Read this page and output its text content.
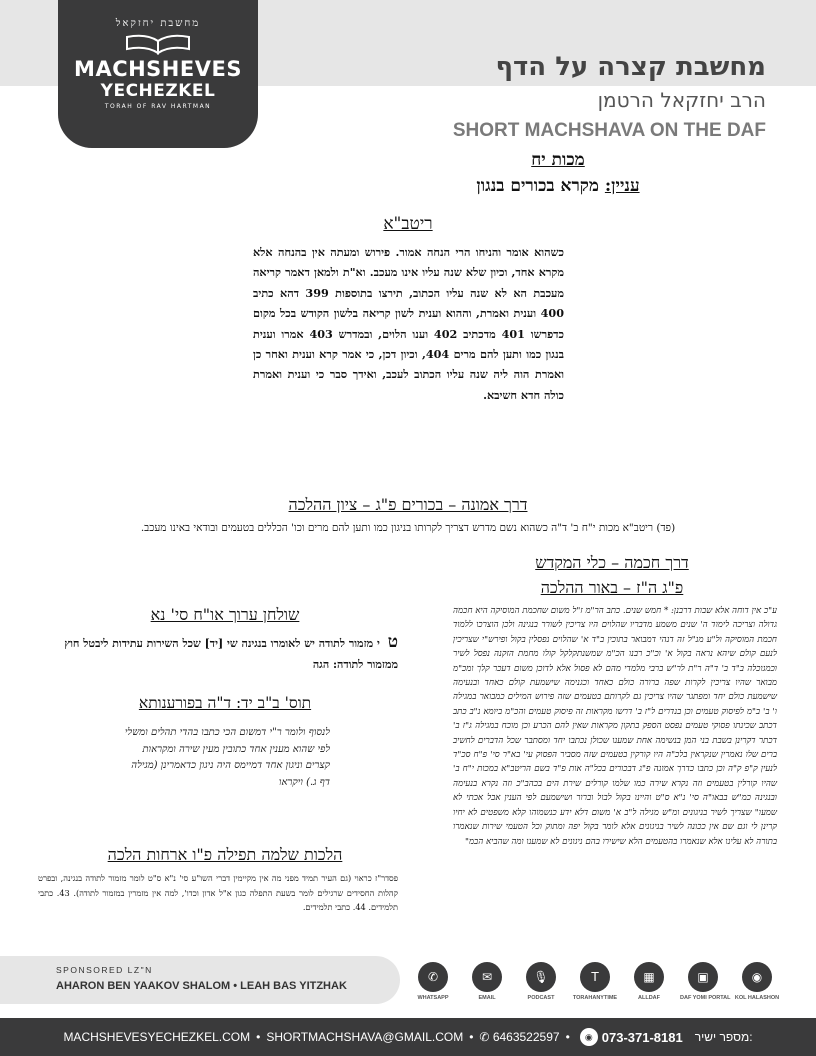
מחשבת יחזקאל
MACHSHEVES
YECHEZKEL
TORAH OF RAV HARTMAN
מחשבת קצרה על הדף
הרב יחזקאל הרטמן
SHORT MACHSHAVA ON THE DAF
מכות יח
עניין: מקרא בכורים בנגון
ריטב"א
כשהוא אומר והניחו הרי הנחה אמור. פירוש ומעתה אין בהנחה אלא מקרא אחד, וכיון שלא שנה עליו אינו מעכב. וא"ת ולמאן דאמר קריאה מעכבת הא לא שנה עליו הכתוב, תירצו בתוספות 399 דהא כתיב 400 וענית ואמרת, וההוא וענית לשון קריאה בלשון הקודש בכל מקום כדפרשו 401 מדכתיב 402 וענו הלוים, ובמדרש 403 אמרו וענית בנגון כמו ותען להם מרים 404, וכיון דכן, כי אמר קרא וענית ואחר כן ואמרת הוה ליה שנה עליו הכתוב לעכב, ואידך סבר כי וענית ואמרת כולה חדא חשיבא.
דרך אמונה – בכורים פ"ג – ציון ההלכה
(פד) ריטב"א מכות י"ח ב' ד"ה כשהוא נשם מדרש דצריך לקרותו בניגון כמו ותען להם מרים וכו' הכללים בטעמים ובודאי באינו מעכב.
שולחן ערוך או"ח סי' נא
ט י מזמור לתודה יש לאומרו בנגינה שי [יד] שכל השירות עתידות ליבטל חוץ ממזמור לתודה: הגה
תוס' ב"ב יד: ד"ה בפורענותא
לנסוף ולומר ר"י דמשום הכי כתבו בהדי תהלים ומשלי לפי שהוא מענין אחד כתובין מעין שירה ומקראות קצרים וניגון אחד דמיימס היה ניגון כדאמרינן (מגילה דף ג.) ויקראו
הלכות שלמה תפילה פ"ו ארחות הלכה
פסדר"ז כראוי (גם העיר תמיד מפני מה אין מקיימין דברי השו"ע סי' נ"א ס"ט לומר מזמור לתודה בנגינה, ובפרט קהלות החסידים שרגילים לומר בשעת התפלה כגון א"ל אדון וכדו', למה אין מזמרין במזמור לתודה). 43. כתבי תלמידים. 44. כתבי תלמידים.
דרך חכמה – כלי המקדש
פ"ג ה"ז – באור ההלכה
ע"כ אין דוחה אלא שבות דרבנן: * חמש שנים. כתב הר"מ ז"ל משום שחכמת המוסיקה היא חכמה גדולה וצריכה לימוד ה' שנים משמע מדבריו שהלוים היו צריכין לשורר בנגינה ולכן הוצרכו ללמוד חכמת המוסיקה ול"ע מנ"ל זה דנהי דמבואר בתוכין ב"ד א' שהלוים נפסלין בקול ופירש"י שצריכין לנעם קולם שיהא נראה בקול א' וכ"כ רבנו הכ"מ שמשנתקלקל קולו מחמת הזקנה נפסל לשיר וכמגוכלה ב"ד ב' ד"ה ר"ת לר"ש ברבי מלמדי מהם לא פסול אלא לדוכן משום דעכר קלך ומכ"מ מבואר שהיו צריכין לקרות שפה ברורה כולם כאחד וכגנימה שישמעת קולם כאחד ובנעימה שישמעת כולם יחד ומפתגר שהיו צריכין גם לקרותם בטעמים שזה פירוש המילים כמבואר במגילה ו' ב' ב"מ לפיסוק טעמים וכן בנדרים ל"ז ב' דרשו מקראות זה פיסוק טעמים והכ"מ ביומא נ"ב כתב דכתב שכינתו פסוקי טעמים נפסט הספק בתקון מקראות שאין להם הכרע וכן מוכח במגילה ג"ז ב' דכתר דקרינן בשבת בני המן בנשימה אחת שמענו שכולן נכתבו יחד ומסתבר שכל הדברים לחשיב ברים שלו נאמרין שנקראין בלכ"ה היו קורקין בטעמים שזה מסביר הפסוק עי' בא"ר סי' פ"ח סכ"ד לנעין ק"פ ק"ה וכן כתבו כדרך אמונה פ"ג דבכורים בכל"ה אות פ"ד בשם הריטב"א במכות י"ח ב' שהיו קורלין בטעמים וזה נקרא שירה כמו שלמו קורלים שירת הים בכהב"כ וזה נקרא בנעימה ובנגינה כמ"ש בבאו"ה סי' נ"א ס"ט והיינו בקול לבול וברור ושישמעם לפי הענין אבל אכתי לא שמעו" שצריך לשיר בניגונים ומ"ש מגילה ל"ב א' משום דלא ידע כנשמוהו קלא משפטים לא יחיו קרינן לי וגם שם אין ככונה לשיר בניגונים אלא לומר בקול יפה ומתוק וכל הטעמי שירות שנאמרו בתורה לא עלינו אלא שנאמרו בהטעמים הלא שישירו בהם ניגונים לא שמענו ומה שהביא הבמ"
SPONSORED LZ"N
AHARON BEN YAAKOV SHALOM • LEAH BAS YITZHAK
✆
WHATSAPP
✉
EMAIL
🎙
PODCAST
T
TORAHANYTIME
▦
ALLDAF
▣
DAF YOMI PORTAL
◉
KOL HALASHON
MACHSHEVESYECHEZKEL.COM • SHORTMACHSHAVA@GMAIL.COM • ✆ 6463522597 •	◉ 073-371-8181 מספר ישיר:
